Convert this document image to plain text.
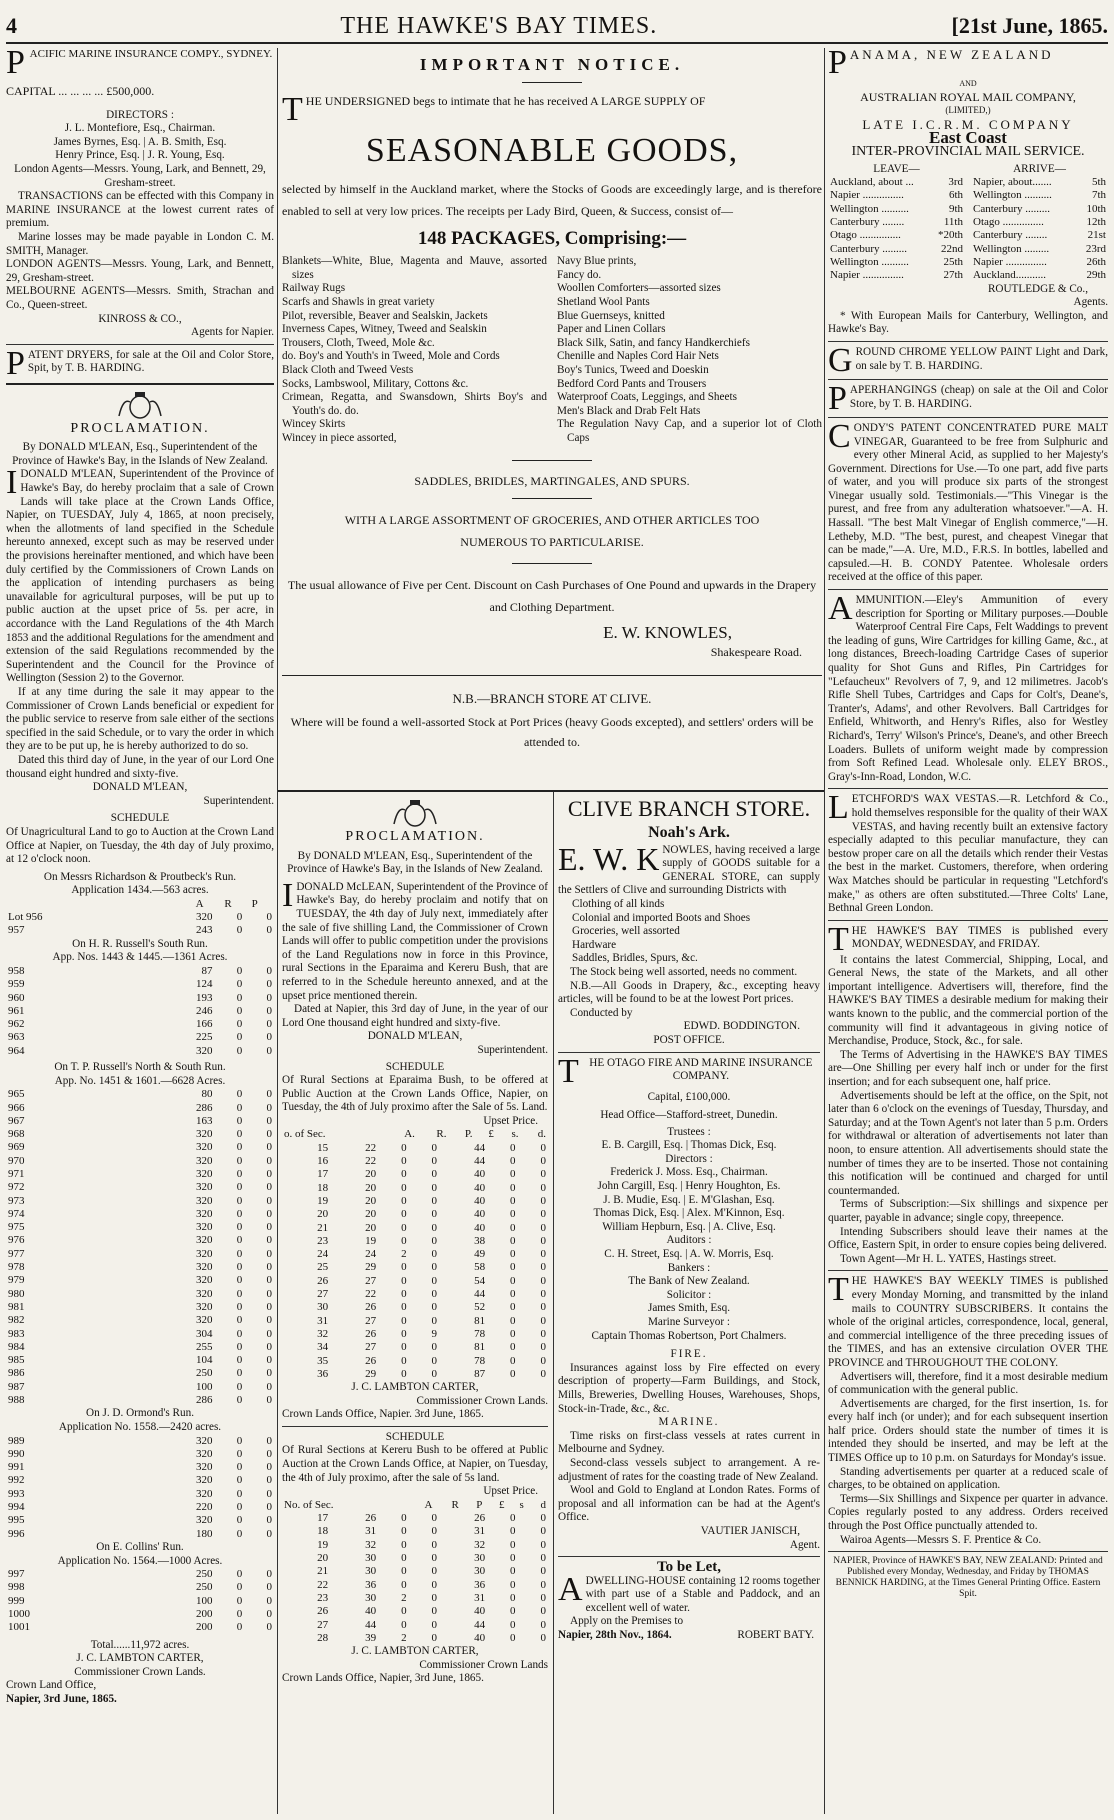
4	THE HAWKE'S BAY TIMES.	[21st June, 1865.
P ACIFIC MARINE INSURANCE COMPY., SYDNEY.
CAPITAL ... ... ... ... £500,000.
DIRECTORS :
J. L. Montefiore, Esq., Chairman.
James Byrnes, Esq. | A. B. Smith, Esq.
Henry Prince, Esq. | J. R. Young, Esq.
London Agents—Messrs. Young, Lark, and Bennett, 29, Gresham-street.
TRANSACTIONS can be effected with this Company in MARINE INSURANCE at the lowest current rates of premium.
Marine losses may be made payable in London C. M. SMITH, Manager.
LONDON AGENTS—Messrs. Young, Lark, and Bennett, 29, Gresham-street.
MELBOURNE AGENTS—Messrs. Smith, Strachan and Co., Queen-street.
KINROSS & CO.,
Agents for Napier.
PATENT DRYERS, for sale at the Oil and Color Store, Spit, by T. B. HARDING.
PROCLAMATION.
By DONALD M'LEAN, Esq., Superintendent of the Province of Hawke's Bay, in the Islands of New Zealand.
IDONALD M'LEAN, Superintendent of the Province of Hawke's Bay, do hereby proclaim that a sale of Crown Lands will take place at the Crown Lands Office, Napier, on TUESDAY, July 4, 1865, at noon precisely, when the allotments of land specified in the Schedule hereunto annexed, except such as may be reserved under the provisions hereinafter mentioned, and which have been duly certified by the Commissioners of Crown Lands on the application of intending purchasers as being unavailable for agricultural purposes, will be put up to public auction at the upset price of 5s. per acre, in accordance with the Land Regulations of the 4th March 1853 and the additional Regulations for the amendment and extension of the said Regulations recommended by the Superintendent and the Council for the Province of Wellington (Session 2) to the Governor.
If at any time during the sale it may appear to the Commissioner of Crown Lands beneficial or expedient for the public service to reserve from sale either of the sections specified in the said Schedule, or to vary the order in which they are to be put up, he is hereby authorized to do so.
Dated this third day of June, in the year of our Lord One thousand eight hundred and sixty-five.
DONALD M'LEAN,
Superintendent.
SCHEDULE
Of Unagricultural Land to go to Auction at the Crown Land Office at Napier, on Tuesday, the 4th day of July proximo, at 12 o'clock noon.
On Messrs Richardson & Proutbeck's Run.
Application 1434.—563 acres.
		A	R	P
Lot 956	320	0	0
957	243	0	0
On H. R. Russell's South Run.
App. Nos. 1443 & 1445.—1361 Acres.
958	87	0	0
959	124	0	0
960	193	0	0
961	246	0	0
962	166	0	0
963	225	0	0
964	320	0	0
On T. P. Russell's North & South Run.
App. No. 1451 & 1601.—6628 Acres.
965	80	0	0
966	286	0	0
967	163	0	0
968	320	0	0
969	320	0	0
970	320	0	0
971	320	0	0
972	320	0	0
973	320	0	0
974	320	0	0
975	320	0	0
976	320	0	0
977	320	0	0
978	320	0	0
979	320	0	0
980	320	0	0
981	320	0	0
982	320	0	0
983	304	0	0
984	255	0	0
985	104	0	0
986	250	0	0
987	100	0	0
988	286	0	0
On J. D. Ormond's Run.
Application No. 1558.—2420 acres.
989	320	0	0
990	320	0	0
991	320	0	0
992	320	0	0
993	320	0	0
994	220	0	0
995	320	0	0
996	180	0	0
On E. Collins' Run.
Application No. 1564.—1000 Acres.
997	250	0	0
998	250	0	0
999	100	0	0
1000	200	0	0
1001	200	0	0
Total......11,972 acres.
J. C. LAMBTON CARTER,
Commissioner Crown Lands.
Crown Land Office,
Napier, 3rd June, 1865.
IMPORTANT NOTICE.
THE UNDERSIGNED begs to intimate that he has received A LARGE SUPPLY OF
SEASONABLE GOODS,
selected by himself in the Auckland market, where the Stocks of Goods are exceedingly large, and is therefore enabled to sell at very low prices. The receipts per Lady Bird, Queen, & Success, consist of—
148 PACKAGES, Comprising:—
Blankets—White, Blue, Magenta and Mauve, assorted sizes
Railway Rugs
Scarfs and Shawls in great variety
Pilot, reversible, Beaver and Sealskin, Jackets
Inverness Capes, Witney, Tweed and Sealskin
Trousers, Cloth, Tweed, Mole &c.
do. Boy's and Youth's in Tweed, Mole and Cords
Black Cloth and Tweed Vests
Socks, Lambswool, Military, Cottons &c.
Crimean, Regatta, and Swansdown, Shirts Boy's and Youth's do. do.
Wincey Skirts
Wincey in piece assorted,
Navy Blue prints,
Fancy do.
Woollen Comforters—assorted sizes
Shetland Wool Pants
Blue Guernseys, knitted
Paper and Linen Collars
Black Silk, Satin, and fancy Handkerchiefs
Chenille and Naples Cord Hair Nets
Boy's Tunics, Tweed and Doeskin
Bedford Cord Pants and Trousers
Waterproof Coats, Leggings, and Sheets
Men's Black and Drab Felt Hats
The Regulation Navy Cap, and a superior lot of Cloth Caps
SADDLES, BRIDLES, MARTINGALES, AND SPURS.
WITH A LARGE ASSORTMENT OF GROCERIES, AND OTHER ARTICLES TOO NUMEROUS TO PARTICULARISE.
The usual allowance of Five per Cent. Discount on Cash Purchases of One Pound and upwards in the Drapery and Clothing Department.
E. W. KNOWLES,
Shakespeare Road.
N.B.—BRANCH STORE AT CLIVE.
Where will be found a well-assorted Stock at Port Prices (heavy Goods excepted), and settlers' orders will be attended to.
PROCLAMATION.
By DONALD M'LEAN, Esq., Superintendent of the Province of Hawke's Bay, in the Islands of New Zealand.
IDONALD McLEAN, Superintendent of the Province of Hawke's Bay, do hereby proclaim and notify that on TUESDAY, the 4th day of July next, immediately after the sale of five shilling Land, the Commissioner of Crown Lands will offer to public competition under the provisions of the Land Regulations now in force in this Province, rural Sections in the Eparaima and Kereru Bush, that are referred to in the Schedule hereunto annexed, and at the upset price mentioned therein.
Dated at Napier, this 3rd day of June, in the year of our Lord One thousand eight hundred and sixty-five.
DONALD M'LEAN,
Superintendent.
SCHEDULE
Of Rural Sections at Eparaima Bush, to be offered at Public Auction at the Crown Lands Office, Napier, on Tuesday, the 4th of July proximo after the Sale of 5s. Land.
Upset Price.
o. of Sec.	A.	R.	P.	£	s.	d.
15	22	0	0	44	0	0
16	22	0	0	44	0	0
17	20	0	0	40	0	0
18	20	0	0	40	0	0
19	20	0	0	40	0	0
20	20	0	0	40	0	0
21	20	0	0	40	0	0
23	19	0	0	38	0	0
24	24	2	0	49	0	0
25	29	0	0	58	0	0
26	27	0	0	54	0	0
27	22	0	0	44	0	0
30	26	0	0	52	0	0
31	27	0	0	81	0	0
32	26	0	9	78	0	0
34	27	0	0	81	0	0
35	26	0	0	78	0	0
36	29	0	0	87	0	0
J. C. LAMBTON CARTER,
Commissioner Crown Lands.
Crown Lands Office, Napier. 3rd June, 1865.
SCHEDULE
Of Rural Sections at Kereru Bush to be offered at Public Auction at the Crown Lands Office, at Napier, on Tuesday, the 4th of July proximo, after the sale of 5s land.
Upset Price.
No. of Sec.	A	R	P	£	s	d
17	26	0	0	26	0	0
18	31	0	0	31	0	0
19	32	0	0	32	0	0
20	30	0	0	30	0	0
21	30	0	0	30	0	0
22	36	0	0	36	0	0
23	30	2	0	31	0	0
26	40	0	0	40	0	0
27	44	0	0	44	0	0
28	39	2	0	40	0	0
J. C. LAMBTON CARTER,
Commissioner Crown Lands
Crown Lands Office, Napier, 3rd June, 1865.
CLIVE BRANCH STORE.
Noah's Ark.
E. W. K NOWLES, having received a large supply of GOODS suitable for a GENERAL STORE, can supply the Settlers of Clive and surrounding Districts with
Clothing of all kinds
Colonial and imported Boots and Shoes
Groceries, well assorted
Hardware
Saddles, Bridles, Spurs, &c.
The Stock being well assorted, needs no comment.
N.B.—All Goods in Drapery, &c., excepting heavy articles, will be found to be at the lowest Port prices.
Conducted by
EDWD. BODDINGTON.
POST OFFICE.
T HE OTAGO FIRE AND MARINE INSURANCE COMPANY.
Capital, £100,000.
Head Office—Stafford-street, Dunedin.
Trustees :
E. B. Cargill, Esq. | Thomas Dick, Esq.
Directors :
Frederick J. Moss. Esq., Chairman.
John Cargill, Esq. | Henry Houghton, Es.
J. B. Mudie, Esq. | E. M'Glashan, Esq.
Thomas Dick, Esq. | Alex. M'Kinnon, Esq.
William Hepburn, Esq. | A. Clive, Esq.
Auditors :
C. H. Street, Esq. | A. W. Morris, Esq.
Bankers :
The Bank of New Zealand.
Solicitor :
James Smith, Esq.
Marine Surveyor :
Captain Thomas Robertson, Port Chalmers.
FIRE.
Insurances against loss by Fire effected on every description of property—Farm Buildings, and Stock, Mills, Breweries, Dwelling Houses, Warehouses, Shops, Stock-in-Trade, &c., &c.
MARINE.
Time risks on first-class vessels at rates current in Melbourne and Sydney.
Second-class vessels subject to arrangement. A re-adjustment of rates for the coasting trade of New Zealand.
Wool and Gold to England at London Rates. Forms of proposal and all information can be had at the Agent's Office.
VAUTIER JANISCH,
Agent.
To be Let,
ADWELLING-HOUSE containing 12 rooms together with part use of a Stable and Paddock, and an excellent well of water.
Apply on the Premises to
Napier, 28th Nov., 1864.	ROBERT BATY.
PANAMA, NEW ZEALAND
AND
AUSTRALIAN ROYAL MAIL COMPANY,
(LIMITED,)
LATE I.C.R.M. COMPANY
East Coast
INTER-PROVINCIAL MAIL SERVICE.
LEAVE—
Auckland, about ...	3rd
Napier ...............	6th
Wellington ..........	9th
Canterbury ........	11th
Otago ...............	*20th
Canterbury .........	22nd
Wellington ..........	25th
Napier ...............	27th
ARRIVE—
Napier, about.......	5th
Wellington ..........	7th
Canterbury .........	10th
Otago ...............	12th
Canterbury ........	21st
Wellington .........	23rd
Napier ...............	26th
Auckland...........	29th
ROUTLEDGE & Co.,
Agents.
* With European Mails for Canterbury, Wellington, and Hawke's Bay.
GROUND CHROME YELLOW PAINT Light and Dark, on sale by T. B. HARDING.
PAPERHANGINGS (cheap) on sale at the Oil and Color Store, by T. B. HARDING.
CONDY'S PATENT CONCENTRATED PURE MALT VINEGAR, Guaranteed to be free from Sulphuric and every other Mineral Acid, as supplied to her Majesty's Government. Directions for Use.—To one part, add five parts of water, and you will produce six parts of the strongest Vinegar usually sold. Testimonials.—"This Vinegar is the purest, and free from any adulteration whatsoever."—A. H. Hassall. "The best Malt Vinegar of English commerce,"—H. Letheby, M.D. "The best, purest, and cheapest Vinegar that can be made,"—A. Ure, M.D., F.R.S. In bottles, labelled and capsuled.—H. B. CONDY Patentee. Wholesale orders received at the office of this paper.
AMMUNITION.—Eley's Ammunition of every description for Sporting or Military purposes.—Double Waterproof Central Fire Caps, Felt Waddings to prevent the leading of guns, Wire Cartridges for killing Game, &c., at long distances, Breech-loading Cartridge Cases of superior quality for Shot Guns and Rifles, Pin Cartridges for "Lefaucheux" Revolvers of 7, 9, and 12 milimetres. Jacob's Rifle Shell Tubes, Cartridges and Caps for Colt's, Deane's, Tranter's, Adams', and other Revolvers. Ball Cartridges for Enfield, Whitworth, and Henry's Rifles, also for Westley Richard's, Terry' Wilson's Prince's, Deane's, and other Breech Loaders. Bullets of uniform weight made by compression from Soft Refined Lead. Wholesale only. ELEY BROS., Gray's-Inn-Road, London, W.C.
LETCHFORD'S WAX VESTAS.—R. Letchford & Co., hold themselves responsible for the quality of their WAX VESTAS, and having recently built an extensive factory especially adapted to this peculiar manufacture, they can bestow proper care on all the details which render their Vestas the best in the market. Customers, therefore, when ordering Wax Matches should be particular in requesting "Letchford's make," as others are often substituted.—Three Colts' Lane, Bethnal Green London.
THE HAWKE'S BAY TIMES is published every MONDAY, WEDNESDAY, and FRIDAY.
It contains the latest Commercial, Shipping, Local, and General News, the state of the Markets, and all other important intelligence. Advertisers will, therefore, find the HAWKE'S BAY TIMES a desirable medium for making their wants known to the public, and the commercial portion of the community will find it advantageous in giving notice of Merchandise, Produce, Stock, &c., for sale.
The Terms of Advertising in the HAWKE'S BAY TIMES are—One Shilling per every half inch or under for the first insertion; and for each subsequent one, half price.
Advertisements should be left at the office, on the Spit, not later than 6 o'clock on the evenings of Tuesday, Thursday, and Saturday; and at the Town Agent's not later than 5 p.m. Orders for withdrawal or alteration of advertisements not later than noon, to ensure attention. All advertisements should state the number of times they are to be inserted. Those not containing this notification will be continued and charged for until countermanded.
Terms of Subscription:—Six shillings and sixpence per quarter, payable in advance; single copy, threepence.
Intending Subscribers should leave their names at the Office, Eastern Spit, in order to ensure copies being delivered.
Town Agent—Mr H. L. YATES, Hastings street.
THE HAWKE'S BAY WEEKLY TIMES is published every Monday Morning, and transmitted by the inland mails to COUNTRY SUBSCRIBERS. It contains the whole of the original articles, correspondence, local, general, and commercial intelligence of the three preceding issues of the TIMES, and has an extensive circulation OVER THE PROVINCE and THROUGHOUT THE COLONY.
Advertisers will, therefore, find it a most desirable medium of communication with the general public.
Advertisements are charged, for the first insertion, 1s. for every half inch (or under); and for each subsequent insertion half price. Orders should state the number of times it is intended they should be inserted, and may be left at the TIMES Office up to 10 p.m. on Saturdays for Monday's issue.
Standing advertisements per quarter at a reduced scale of charges, to be obtained on application.
Terms—Six Shillings and Sixpence per quarter in advance. Copies regularly posted to any address. Orders received through the Post Office punctually attended to.
Wairoa Agents—Messrs S. F. Prentice & Co.
NAPIER, Province of HAWKE'S BAY, NEW ZEALAND: Printed and Published every Monday, Wednesday, and Friday by THOMAS BENNICK HARDING, at the Times General Printing Office. Eastern Spit.
